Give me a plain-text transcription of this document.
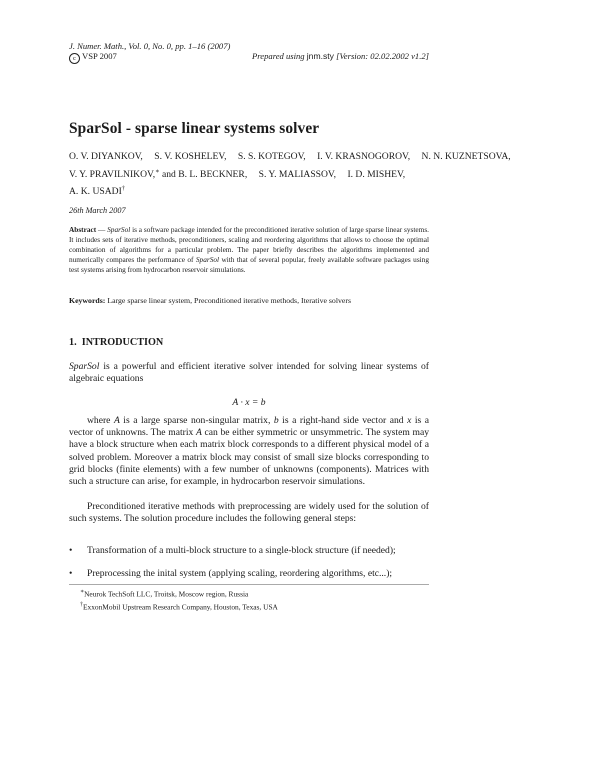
J. Numer. Math., Vol. 0, No. 0, pp. 1–16 (2007)
c VSP 2007	Prepared using jnm.sty [Version: 02.02.2002 v1.2]
SparSol - sparse linear systems solver
O. V. DIYANKOV, S. V. KOSHELEV, S. S. KOTEGOV, I. V. KRASNOGOROV, N. N. KUZNETSOVA,
V. Y. PRAVILNIKOV,∗ and B. L. BECKNER, S. Y. MALIASSOV, I. D. MISHEV,
A. K. USADI†
26th March 2007
Abstract — SparSol is a software package intended for the preconditioned iterative solution of large sparse linear systems. It includes sets of iterative methods, preconditioners, scaling and reordering algorithms that allows to choose the optimal combination of algorithms for a particular problem. The paper briefly describes the algorithms implemented and numerically compares the performance of SparSol with that of several popular, freely available software packages using test systems arising from hydrocarbon reservoir simulations.
Keywords: Large sparse linear system, Preconditioned iterative methods, Iterative solvers
1. INTRODUCTION
SparSol is a powerful and efficient iterative solver intended for solving linear systems of algebraic equations
A · x = b
where A is a large sparse non-singular matrix, b is a right-hand side vector and x is a vector of unknowns. The matrix A can be either symmetric or unsymmetric. The system may have a block structure when each matrix block corresponds to a different physical model of a solved problem. Moreover a matrix block may consist of small size blocks corresponding to grid blocks (finite elements) with a few number of unknowns (components). Matrices with such a structure can arise, for example, in hydrocarbon reservoir simulations.
Preconditioned iterative methods with preprocessing are widely used for the solution of such systems. The solution procedure includes the following general steps:
• Transformation of a multi-block structure to a single-block structure (if needed);
• Preprocessing the inital system (applying scaling, reordering algorithms, etc...);
∗Neurok TechSoft LLC, Troitsk, Moscow region, Russia
†ExxonMobil Upstream Research Company, Houston, Texas, USA
